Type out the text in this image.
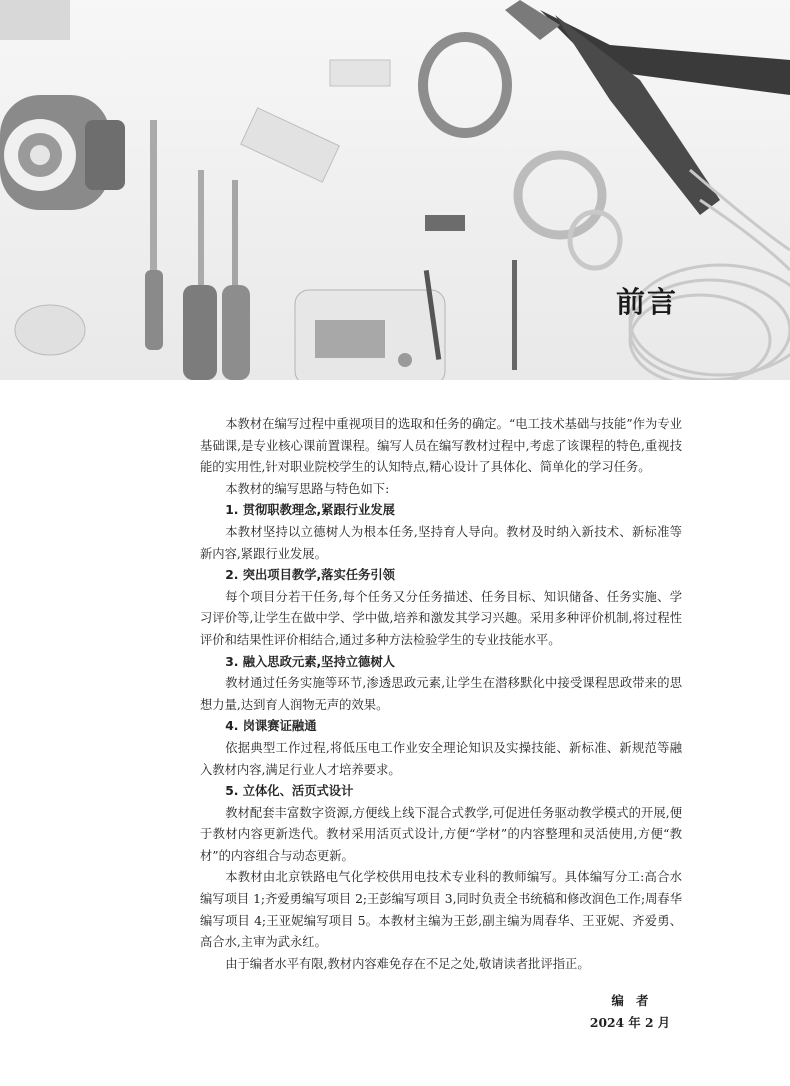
前言

本教材在编写过程中重视项目的选取和任务的确定。“电工技术基础与技能”作为专业基础课,是专业核心课前置课程。编写人员在编写教材过程中,考虑了该课程的特色,重视技能的实用性,针对职业院校学生的认知特点,精心设计了具体化、简单化的学习任务。

本教材的编写思路与特色如下:

1. 贯彻职教理念,紧跟行业发展

本教材坚持以立德树人为根本任务,坚持育人导向。教材及时纳入新技术、新标准等新内容,紧跟行业发展。

2. 突出项目教学,落实任务引领

每个项目分若干任务,每个任务又分任务描述、任务目标、知识储备、任务实施、学习评价等,让学生在做中学、学中做,培养和激发其学习兴趣。采用多种评价机制,将过程性评价和结果性评价相结合,通过多种方法检验学生的专业技能水平。

3. 融入思政元素,坚持立德树人

教材通过任务实施等环节,渗透思政元素,让学生在潜移默化中接受课程思政带来的思想力量,达到育人润物无声的效果。

4. 岗课赛证融通

依据典型工作过程,将低压电工作业安全理论知识及实操技能、新标准、新规范等融入教材内容,满足行业人才培养要求。

5. 立体化、活页式设计

教材配套丰富数字资源,方便线上线下混合式教学,可促进任务驱动教学模式的开展,便于教材内容更新迭代。教材采用活页式设计,方便“学材”的内容整理和灵活使用,方便“教材”的内容组合与动态更新。

本教材由北京铁路电气化学校供用电技术专业科的教师编写。具体编写分工:高合水编写项目 1;齐爱勇编写项目 2;王彭编写项目 3,同时负责全书统稿和修改润色工作;周春华编写项目 4;王亚妮编写项目 5。本教材主编为王彭,副主编为周春华、王亚妮、齐爱勇、高合水,主审为武永红。

由于编者水平有限,教材内容难免存在不足之处,敬请读者批评指正。

编　者
2024 年 2 月
